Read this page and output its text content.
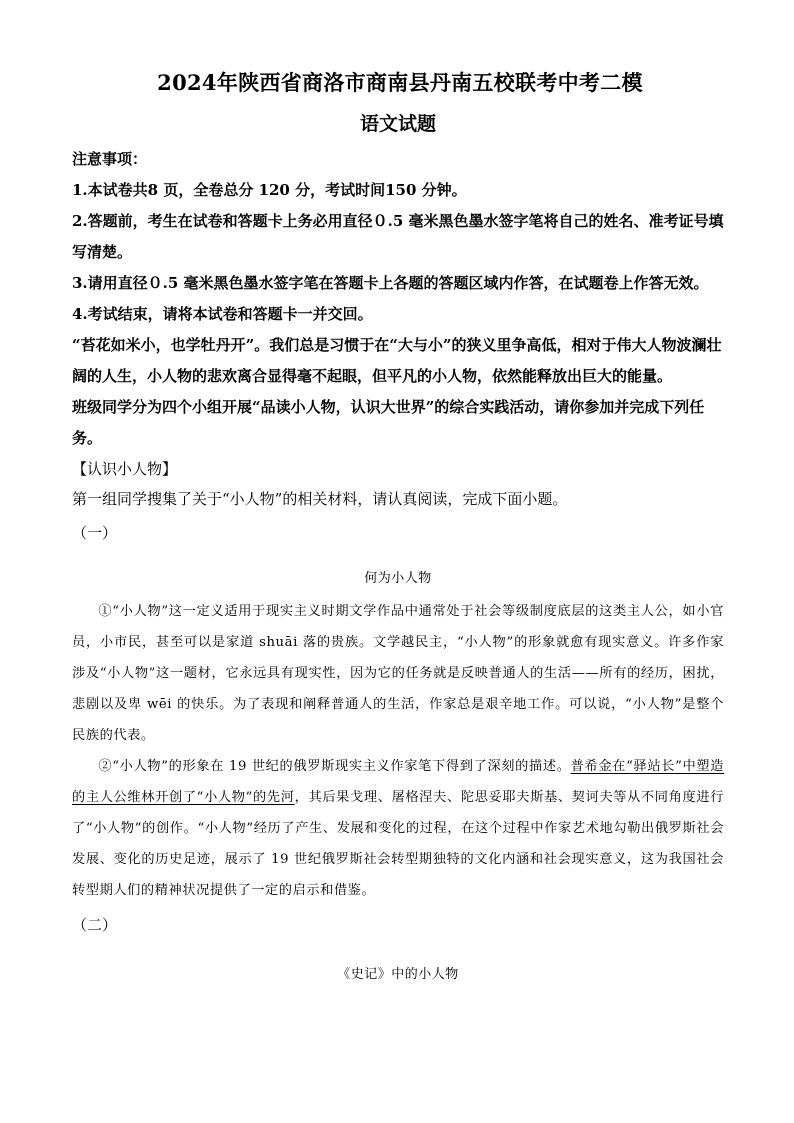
2024年陕西省商洛市商南县丹南五校联考中考二模
语文试题

注意事项：

1.本试卷共8 页，全卷总分 120 分，考试时间150 分钟。

2.答题前，考生在试卷和答题卡上务必用直径０.5 毫米黑色墨水签字笔将自己的姓名、准考证号填写清楚。

3.请用直径０.5 毫米黑色墨水签字笔在答题卡上各题的答题区域内作答，在试题卷上作答无效。

4.考试结束，请将本试卷和答题卡一并交回。

“苔花如米小，也学牡丹开”。我们总是习惯于在“大与小”的狭义里争高低，相对于伟大人物波澜壮阔的人生，小人物的悲欢离合显得毫不起眼，但平凡的小人物，依然能释放出巨大的能量。

班级同学分为四个小组开展“品读小人物，认识大世界”的综合实践活动，请你参加并完成下列任务。

【认识小人物】

第一组同学搜集了关于“小人物”的相关材料，请认真阅读，完成下面小题。

（一）

何为小人物

①“小人物”这一定义适用于现实主义时期文学作品中通常处于社会等级制度底层的这类主人公，如小官员，小市民，甚至可以是家道 shuāi 落的贵族。文学越民主，“小人物”的形象就愈有现实意义。许多作家涉及“小人物”这一题材，它永远具有现实性，因为它的任务就是反映普通人的生活——所有的经历，困扰，悲剧以及卑 wēi 的快乐。为了表现和阐释普通人的生活，作家总是艰辛地工作。可以说，“小人物”是整个民族的代表。

②“小人物”的形象在 19 世纪的俄罗斯现实主义作家笔下得到了深刻的描述。普希金在“驿站长”中塑造的主人公维林开创了“小人物”的先河，其后果戈理、屠格涅夫、陀思妥耶夫斯基、契诃夫等从不同角度进行了“小人物”的创作。“小人物”经历了产生、发展和变化的过程，在这个过程中作家艺术地勾勒出俄罗斯社会发展、变化的历史足迹，展示了 19 世纪俄罗斯社会转型期独特的文化内涵和社会现实意义，这为我国社会转型期人们的精神状况提供了一定的启示和借鉴。

（二）

《史记》中的小人物
